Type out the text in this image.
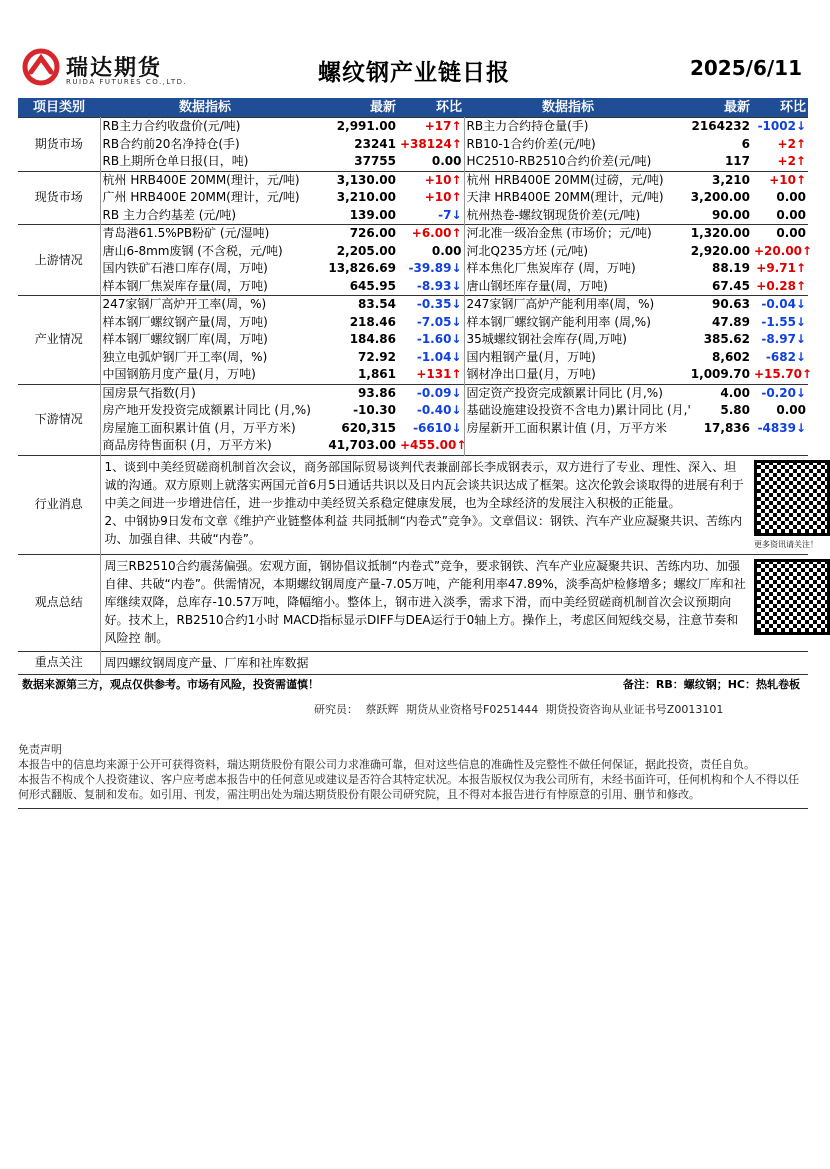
瑞达期货
RUIDA FUTURES CO.,LTD.	螺纹钢产业链日报	2025/6/11
项目类别	数据指标	最新	环比	数据指标	最新	环比
期货市场	RB主力合约收盘价(元/吨)	2,991.00	+17↑	RB主力合约持仓量(手)	2164232	-1002↓
	RB合约前20名净持仓(手)	23241	+38124↑	RB10-1合约价差(元/吨)	6	+2↑
	RB上期所仓单日报(日，吨)	37755	0.00	HC2510-RB2510合约价差(元/吨)	117	+2↑
现货市场	杭州 HRB400E 20MM(理计，元/吨)	3,130.00	+10↑	杭州 HRB400E 20MM(过磅，元/吨)	3,210	+10↑
	广州 HRB400E 20MM(理计，元/吨)	3,210.00	+10↑	天津 HRB400E 20MM(理计，元/吨)	3,200.00	0.00
	RB 主力合约基差 (元/吨)	139.00	-7↓	杭州热卷-螺纹钢现货价差(元/吨)	90.00	0.00
上游情况	青岛港61.5%PB粉矿 (元/湿吨)	726.00	+6.00↑	河北准一级冶金焦 (市场价；元/吨)	1,320.00	0.00
	唐山6-8mm废钢 (不含税，元/吨)	2,205.00	0.00	河北Q235方坯 (元/吨)	2,920.00	+20.00↑
	国内铁矿石港口库存(周，万吨)	13,826.69	-39.89↓	样本焦化厂焦炭库存 (周，万吨)	88.19	+9.71↑
	样本钢厂焦炭库存量(周，万吨)	645.95	-8.93↓	唐山钢坯库存量(周，万吨)	67.45	+0.28↑
产业情况	247家钢厂高炉开工率(周，%)	83.54	-0.35↓	247家钢厂高炉产能利用率(周，%)	90.63	-0.04↓
	样本钢厂螺纹钢产量(周，万吨)	218.46	-7.05↓	样本钢厂螺纹钢产能利用率 (周,%)	47.89	-1.55↓
	样本钢厂螺纹钢厂库(周，万吨)	184.86	-1.60↓	35城螺纹钢社会库存(周,万吨)	385.62	-8.97↓
	独立电弧炉钢厂开工率(周，%)	72.92	-1.04↓	国内粗钢产量(月，万吨)	8,602	-682↓
	中国钢筋月度产量(月，万吨)	1,861	+131↑	钢材净出口量(月，万吨)	1,009.70	+15.70↑
下游情况	国房景气指数(月)	93.86	-0.09↓	固定资产投资完成额累计同比 (月,%)	4.00	-0.20↓
	房产地开发投资完成额累计同比 (月,%)	-10.30	-0.40↓	基础设施建设投资不含电力)累计同比 (月,'	5.80	0.00
	房屋施工面积累计值 (月，万平方米)	620,315	-6610↓	房屋新开工面积累计值 (月，万平方米	17,836	-4839↓
	商品房待售面积 (月，万平方米)	41,703.00	+455.00↑			
行业消息	1、谈到中美经贸磋商机制首次会议，商务部国际贸易谈判代表兼副部长李成钢表示，双方进行了专业、理性、深入、坦诚的沟通。双方原则上就落实两国元首6月5日通话共识以及日内瓦会谈共识达成了框架。这次伦敦会谈取得的进展有利于中美之间进一步增进信任，进一步推动中美经贸关系稳定健康发展，也为全球经济的发展注入积极的正能量。
2、中钢协9日发布文章《维护产业链整体利益 共同抵制“内卷式”竞争》。文章倡议：钢铁、汽车产业应凝聚共识、苦练内功、加强自律、共破“内卷”。					更多资讯请关注！

观点总结	周三RB2510合约震荡偏强。宏观方面，钢协倡议抵制“内卷式”竞争，要求钢铁、汽车产业应凝聚共识、苦练内功、加强自律、共破“内卷”。供需情况，本期螺纹钢周度产量-7.05万吨，产能利用率47.89%，淡季高炉检修增多；螺纹厂库和社库继续双降，总库存-10.57万吨，降幅缩小。整体上，钢市进入淡季，需求下滑，而中美经贸磋商机制首次会议预期向好。技术上，RB2510合约1小时 MACD指标显示DIFF与DEA运行于0轴上方。操作上，考虑区间短线交易，注意节奏和风险控 制。					

重点关注	周四螺纹钢周度产量、厂库和社库数据					
数据来源第三方，观点仅供参考。市场有风险，投资需谨慎！	备注：RB：螺纹钢；HC：热轧卷板
研究员： 蔡跃辉 期货从业资格号F0251444 期货投资咨询从业证书号Z0013101
免责声明
本报告中的信息均来源于公开可获得资料，瑞达期货股份有限公司力求准确可靠，但对这些信息的准确性及完整性不做任何保证，据此投资，责任自负。
本报告不构成个人投资建议、客户应考虑本报告中的任何意见或建议是否符合其特定状况。本报告版权仅为我公司所有，未经书面许可，任何机构和个人不得以任何形式翻版、复制和发布。如引用、刊发，需注明出处为瑞达期货股份有限公司研究院，且不得对本报告进行有悖原意的引用、删节和修改。
